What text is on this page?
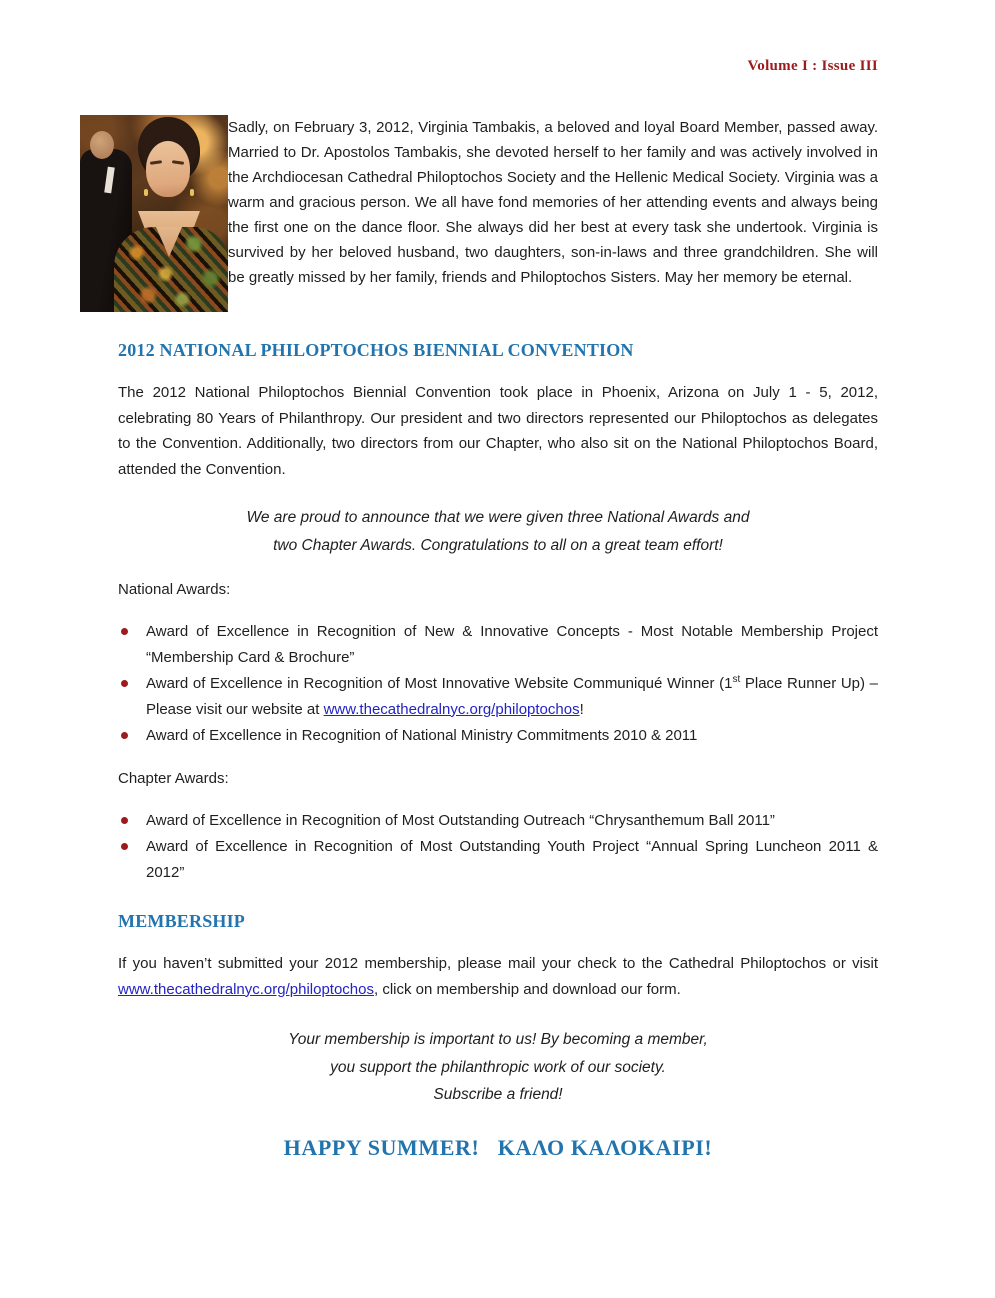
Volume I : Issue III

Sadly, on February 3, 2012, Virginia Tambakis, a beloved and loyal Board Member, passed away. Married to Dr. Apostolos Tambakis, she devoted herself to her family and was actively involved in the Archdiocesan Cathedral Philoptochos Society and the Hellenic Medical Society. Virginia was a warm and gracious person. We all have fond memories of her attending events and always being the first one on the dance floor. She always did her best at every task she undertook. Virginia is survived by her beloved husband, two daughters, son-in-laws and three grandchildren. She will be greatly missed by her family, friends and Philoptochos Sisters. May her memory be eternal.

2012 NATIONAL PHILOPTOCHOS BIENNIAL CONVENTION

The 2012 National Philoptochos Biennial Convention took place in Phoenix, Arizona on July 1 - 5, 2012, celebrating 80 Years of Philanthropy. Our president and two directors represented our Philoptochos as delegates to the Convention. Additionally, two directors from our Chapter, who also sit on the National Philoptochos Board, attended the Convention.

We are proud to announce that we were given three National Awards and
two Chapter Awards. Congratulations to all on a great team effort!
National Awards:
Award of Excellence in Recognition of New & Innovative Concepts - Most Notable Membership Project “Membership Card & Brochure”
Award of Excellence in Recognition of Most Innovative Website Communiqué Winner (1st Place Runner Up) – Please visit our website at www.thecathedralnyc.org/philoptochos!
Award of Excellence in Recognition of National Ministry Commitments 2010 & 2011
Chapter Awards:
Award of Excellence in Recognition of Most Outstanding Outreach “Chrysanthemum Ball 2011”
Award of Excellence in Recognition of Most Outstanding Youth Project “Annual Spring Luncheon 2011 & 2012”
MEMBERSHIP

If you haven’t submitted your 2012 membership, please mail your check to the Cathedral Philoptochos or visit www.thecathedralnyc.org/philoptochos, click on membership and download our form.

Your membership is important to us! By becoming a member,
you support the philanthropic work of our society.
Subscribe a friend!
HAPPY SUMMER!   ΚΑΛΟ ΚΑΛΟΚΑΙΡΙ!
